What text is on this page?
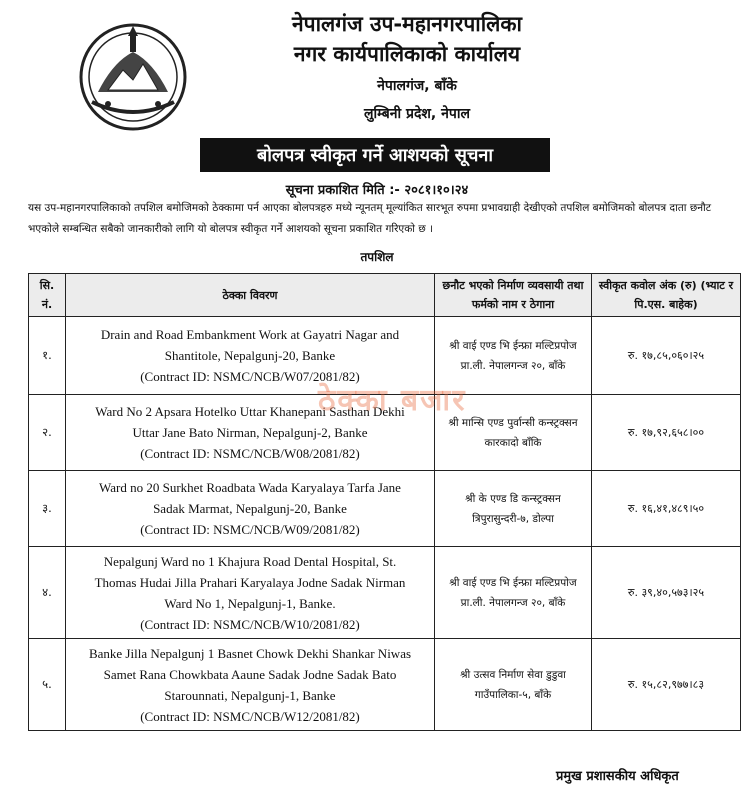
नेपालगंज उप-महानगरपालिका
नगर कार्यपालिकाको कार्यालय
नेपालगंज, बाँके
लुम्बिनी प्रदेश, नेपाल
बोलपत्र स्वीकृत गर्ने आशयको सूचना
सूचना प्रकाशित मिति :- २०८१।१०।२४
यस उप-महानगरपालिकाको तपशिल बमोजिमको ठेक्कामा पर्न आएका बोलपत्रहरु मध्ये न्यूनतम् मूल्यांकित सारभूत रुपमा प्रभावग्राही देखीएको तपशिल बमोजिमको बोलपत्र दाता छनौट भएकोले सम्बन्धित सबैको जानकारीको लागि यो बोलपत्र स्वीकृत गर्ने आशयको सूचना प्रकाशित गरिएको छ ।
तपशिल
सि. नं.	ठेक्का विवरण	छनौट भएको निर्माण व्यवसायी तथा फर्मको नाम र ठेगाना	स्वीकृत कवोल अंक (रु) (भ्याट र पि.एस. बाहेक)
१.	Drain and Road Embankment Work at Gayatri Nagar and
Shantitole, Nepalgunj-20, Banke
(Contract ID: NSMC/NCB/W07/2081/82)	श्री वाई एण्ड भि ईन्फ्रा मल्टिप्रपोज प्रा.ली. नेपालगन्ज २०, बाँके	रु. १७,८५,०६०।२५
२.	Ward No 2 Apsara Hotelko Uttar Khanepani Sasthan Dekhi
Uttar Jane Bato Nirman, Nepalgunj-2, Banke
(Contract ID: NSMC/NCB/W08/2081/82)	श्री मान्सि एण्ड पुर्वान्सी कन्स्ट्रक्सन कारकादो बाँकि	रु. १७,९२,६५८।००
३.	Ward no 20 Surkhet Roadbata Wada Karyalaya Tarfa Jane
Sadak Marmat, Nepalgunj-20, Banke
(Contract ID: NSMC/NCB/W09/2081/82)	श्री के एण्ड डि कन्स्ट्रक्सन त्रिपुरासुन्दरी-७, डोल्पा	रु. १६,४१,४८९।५०
४.	Nepalgunj Ward no 1 Khajura Road Dental Hospital, St.
Thomas Hudai Jilla Prahari Karyalaya Jodne Sadak Nirman
Ward No 1, Nepalgunj-1, Banke.
(Contract ID: NSMC/NCB/W10/2081/82)	श्री वाई एण्ड भि ईन्फ्रा मल्टिप्रपोज प्रा.ली. नेपालगन्ज २०, बाँके	रु. ३९,४०,५७३।२५
५.	Banke Jilla Nepalgunj 1 Basnet Chowk Dekhi Shankar Niwas
Samet Rana Chowkbata Aaune Sadak Jodne Sadak Bato
Starounnati, Nepalgunj-1, Banke
(Contract ID: NSMC/NCB/W12/2081/82)	श्री उत्सव निर्माण सेवा डुडुवा गाउँपालिका-५, बाँके	रु. १५,८२,९७७।८३
ठेक्का बजार
प्रमुख प्रशासकीय अधिकृत
